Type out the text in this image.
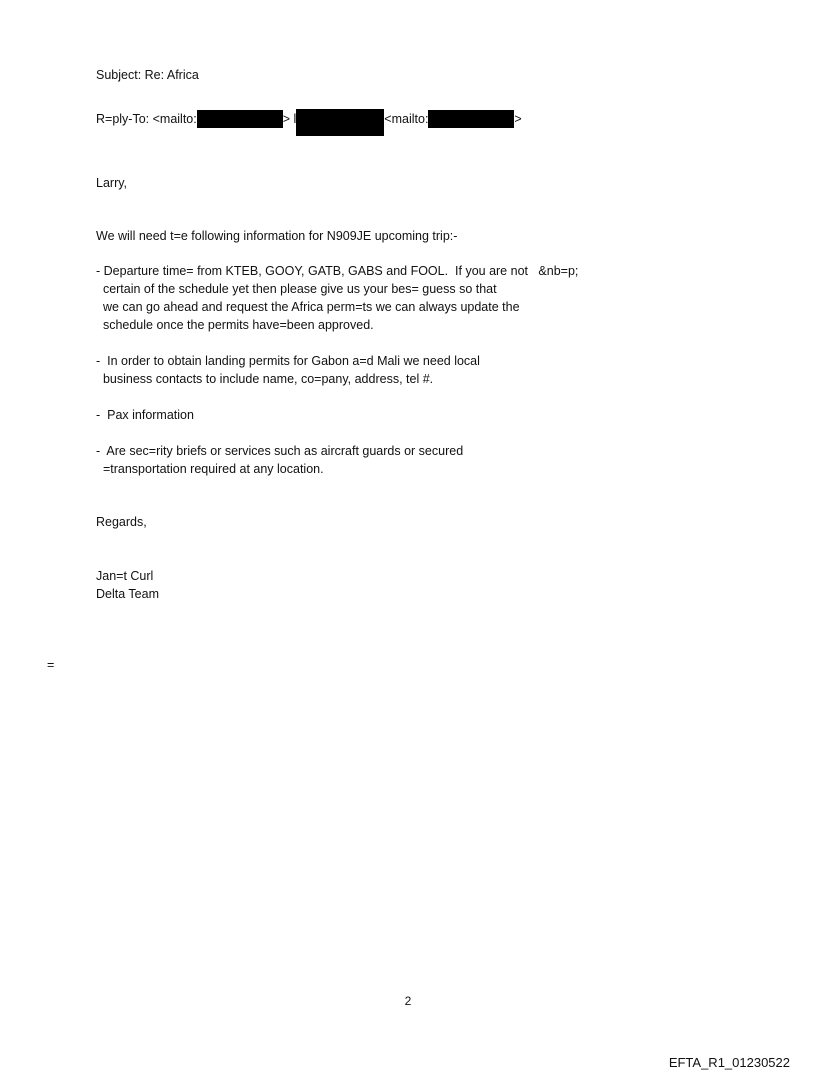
Subject: Re: Africa
R=ply-To: <mailto:	> l	<mailto:	>
Larry,
We will need t=e following information for N909JE upcoming trip:-
- Departure time= from KTEB, GOOY, GATB, GABS and FOOL.  If you are not   &nb=p;
certain of the schedule yet then please give us your bes= guess so that
we can go ahead and request the Africa perm=ts we can always update the
schedule once the permits have=been approved.
-  In order to obtain landing permits for Gabon a=d Mali we need local
business contacts to include name, co=pany, address, tel #.
-  Pax information
-  Are sec=rity briefs or services such as aircraft guards or secured
=transportation required at any location.
Regards,
Jan=t Curl
Delta Team
=
2
EFTA_R1_01230522
